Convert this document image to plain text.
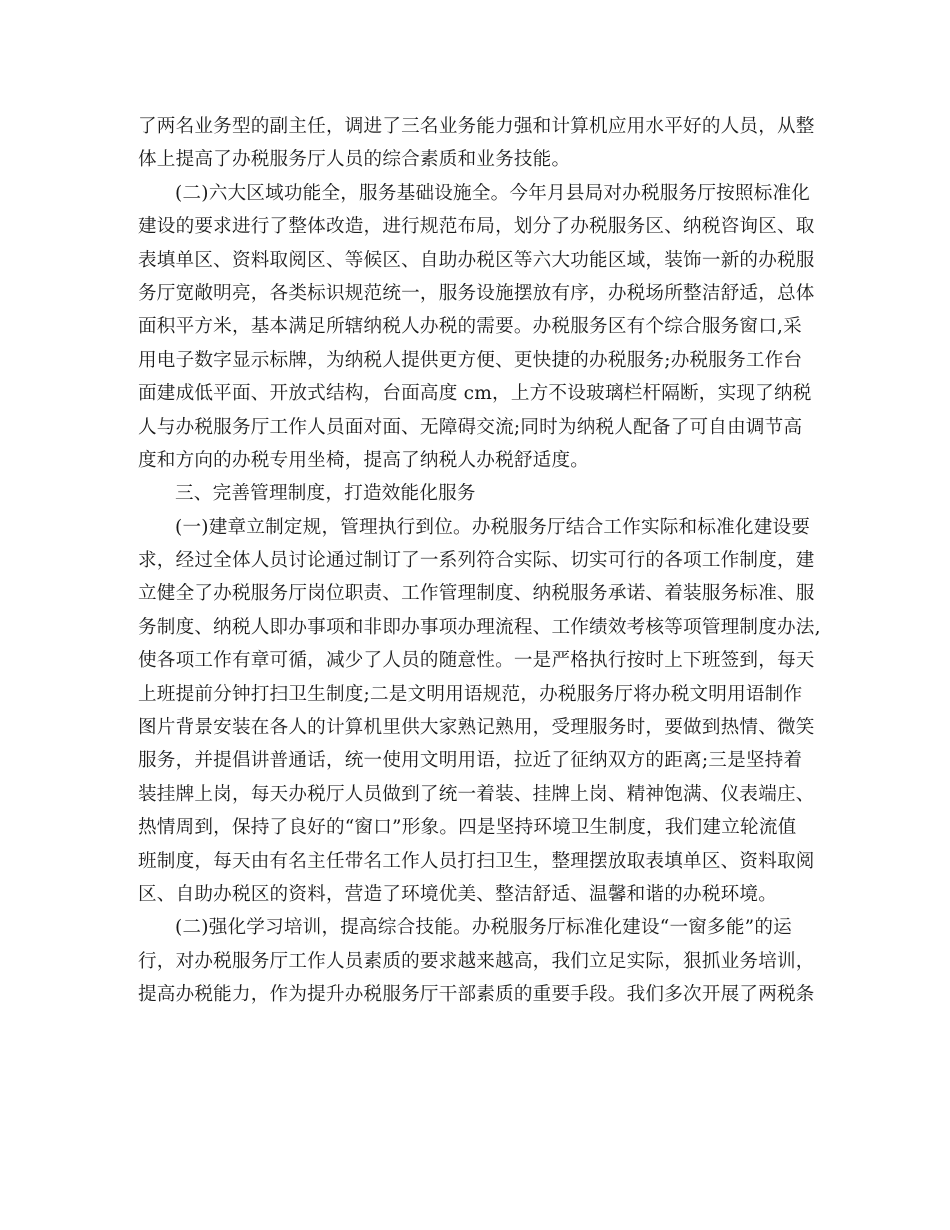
了两名业务型的副主任，调进了三名业务能力强和计算机应用水平好的人员，从整
体上提高了办税服务厅人员的综合素质和业务技能。
(二)六大区域功能全，服务基础设施全。今年月县局对办税服务厅按照标准化
建设的要求进行了整体改造，进行规范布局，划分了办税服务区、纳税咨询区、取
表填单区、资料取阅区、等候区、自助办税区等六大功能区域，装饰一新的办税服
务厅宽敞明亮，各类标识规范统一，服务设施摆放有序，办税场所整洁舒适，总体
面积平方米，基本满足所辖纳税人办税的需要。办税服务区有个综合服务窗口,采
用电子数字显示标牌，为纳税人提供更方便、更快捷的办税服务;办税服务工作台
面建成低平面、开放式结构，台面高度 cm，上方不设玻璃栏杆隔断，实现了纳税
人与办税服务厅工作人员面对面、无障碍交流;同时为纳税人配备了可自由调节高
度和方向的办税专用坐椅，提高了纳税人办税舒适度。
三、完善管理制度，打造效能化服务
(一)建章立制定规，管理执行到位。办税服务厅结合工作实际和标准化建设要
求，经过全体人员讨论通过制订了一系列符合实际、切实可行的各项工作制度，建
立健全了办税服务厅岗位职责、工作管理制度、纳税服务承诺、着装服务标准、服
务制度、纳税人即办事项和非即办事项办理流程、工作绩效考核等项管理制度办法,
使各项工作有章可循，减少了人员的随意性。一是严格执行按时上下班签到，每天
上班提前分钟打扫卫生制度;二是文明用语规范，办税服务厅将办税文明用语制作
图片背景安装在各人的计算机里供大家熟记熟用，受理服务时，要做到热情、微笑
服务，并提倡讲普通话，统一使用文明用语，拉近了征纳双方的距离;三是坚持着
装挂牌上岗，每天办税厅人员做到了统一着装、挂牌上岗、精神饱满、仪表端庄、
热情周到，保持了良好的“窗口”形象。四是坚持环境卫生制度，我们建立轮流值
班制度，每天由有名主任带名工作人员打扫卫生，整理摆放取表填单区、资料取阅
区、自助办税区的资料，营造了环境优美、整洁舒适、温馨和谐的办税环境。
(二)强化学习培训，提高综合技能。办税服务厅标准化建设“一窗多能”的运
行，对办税服务厅工作人员素质的要求越来越高，我们立足实际，狠抓业务培训，
提高办税能力，作为提升办税服务厅干部素质的重要手段。我们多次开展了两税条
